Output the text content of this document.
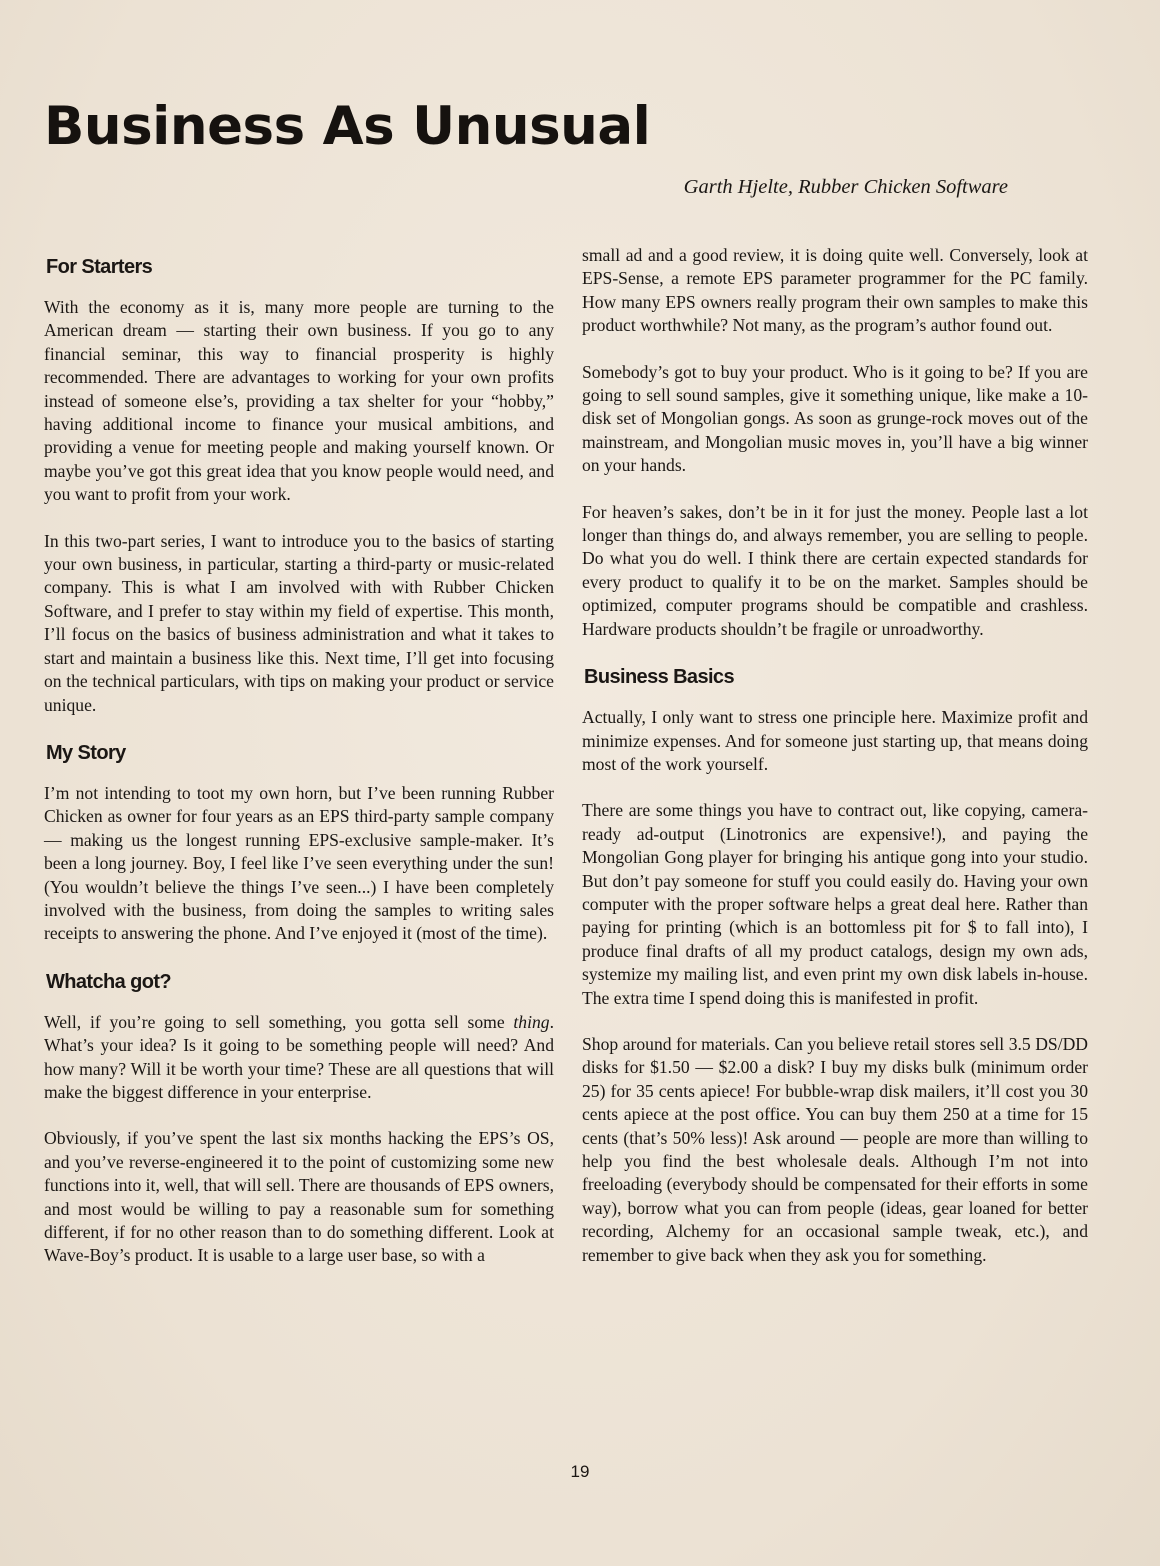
Business As Unusual
Garth Hjelte, Rubber Chicken Software
For Starters

With the economy as it is, many more people are turning to the American dream — starting their own business. If you go to any financial seminar, this way to financial prosperity is highly recommended. There are advantages to working for your own profits instead of someone else’s, providing a tax shelter for your “hobby,” having additional income to finance your musical ambitions, and providing a venue for meeting people and making yourself known. Or maybe you’ve got this great idea that you know people would need, and you want to profit from your work.

In this two-part series, I want to introduce you to the basics of starting your own business, in particular, starting a third-party or music-related company. This is what I am involved with with Rubber Chicken Software, and I prefer to stay within my field of expertise. This month, I’ll focus on the basics of business administration and what it takes to start and maintain a business like this. Next time, I’ll get into focusing on the technical particulars, with tips on making your product or service unique.

My Story

I’m not intending to toot my own horn, but I’ve been running Rubber Chicken as owner for four years as an EPS third-party sample company — making us the longest running EPS-exclusive sample-maker. It’s been a long journey. Boy, I feel like I’ve seen everything under the sun! (You wouldn’t believe the things I’ve seen...) I have been completely involved with the business, from doing the samples to writing sales receipts to answering the phone. And I’ve enjoyed it (most of the time).

Whatcha got?

Well, if you’re going to sell something, you gotta sell some thing. What’s your idea? Is it going to be something people will need? And how many? Will it be worth your time? These are all questions that will make the biggest difference in your enterprise.

Obviously, if you’ve spent the last six months hacking the EPS’s OS, and you’ve reverse-engineered it to the point of customizing some new functions into it, well, that will sell. There are thousands of EPS owners, and most would be willing to pay a reasonable sum for something different, if for no other reason than to do something different. Look at Wave-Boy’s product. It is usable to a large user base, so with a

small ad and a good review, it is doing quite well. Conversely, look at EPS-Sense, a remote EPS parameter programmer for the PC family. How many EPS owners really program their own samples to make this product worthwhile? Not many, as the program’s author found out.

Somebody’s got to buy your product. Who is it going to be? If you are going to sell sound samples, give it something unique, like make a 10-disk set of Mongolian gongs. As soon as grunge-rock moves out of the mainstream, and Mongolian music moves in, you’ll have a big winner on your hands.

For heaven’s sakes, don’t be in it for just the money. People last a lot longer than things do, and always remember, you are selling to people. Do what you do well. I think there are certain expected standards for every product to qualify it to be on the market. Samples should be optimized, computer programs should be compatible and crashless. Hardware products shouldn’t be fragile or unroadworthy.

Business Basics

Actually, I only want to stress one principle here. Maximize profit and minimize expenses. And for someone just starting up, that means doing most of the work yourself.

There are some things you have to contract out, like copying, camera-ready ad-output (Linotronics are expensive!), and paying the Mongolian Gong player for bringing his antique gong into your studio. But don’t pay someone for stuff you could easily do. Having your own computer with the proper software helps a great deal here. Rather than paying for printing (which is an bottomless pit for $ to fall into), I produce final drafts of all my product catalogs, design my own ads, systemize my mailing list, and even print my own disk labels in-house. The extra time I spend doing this is manifested in profit.

Shop around for materials. Can you believe retail stores sell 3.5 DS/DD disks for $1.50 — $2.00 a disk? I buy my disks bulk (minimum order 25) for 35 cents apiece! For bubble-wrap disk mailers, it’ll cost you 30 cents apiece at the post office. You can buy them 250 at a time for 15 cents (that’s 50% less)! Ask around — people are more than willing to help you find the best wholesale deals. Although I’m not into freeloading (everybody should be compensated for their efforts in some way), borrow what you can from people (ideas, gear loaned for better recording, Alchemy for an occasional sample tweak, etc.), and remember to give back when they ask you for something.

19
